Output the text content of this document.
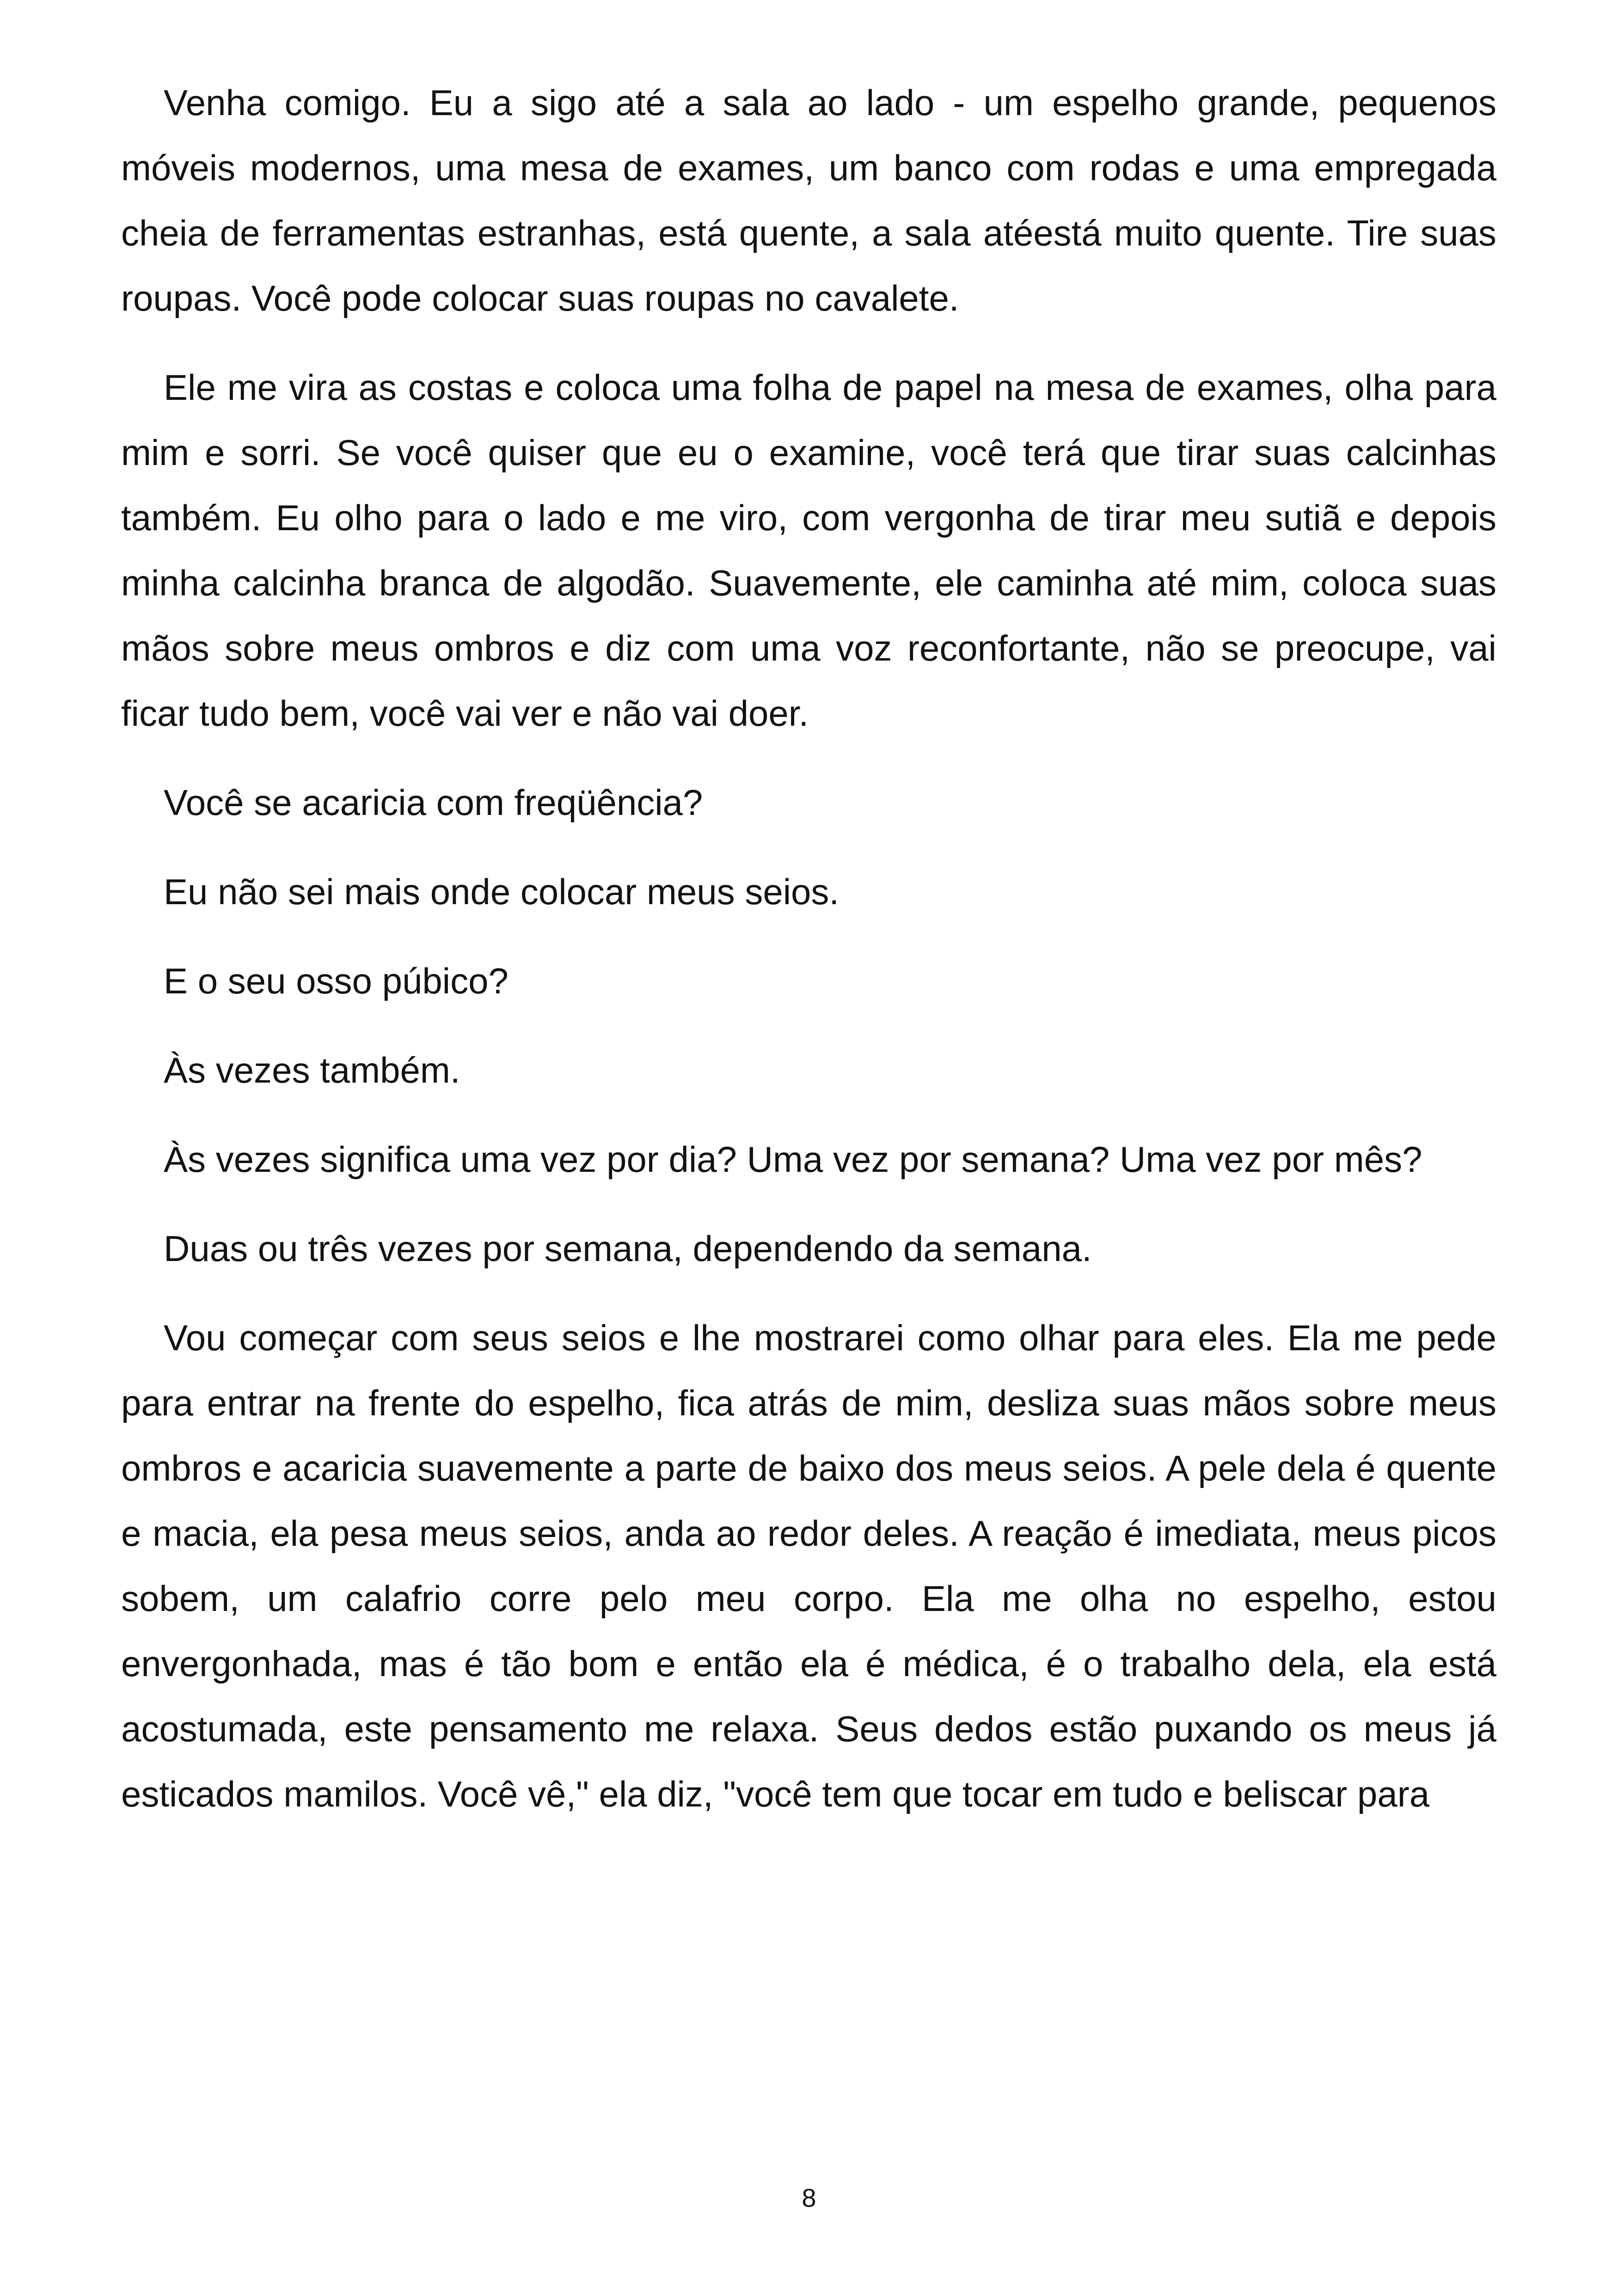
Venha comigo. Eu a sigo até a sala ao lado - um espelho grande, pequenos móveis modernos, uma mesa de exames, um banco com rodas e uma empregada cheia de ferramentas estranhas, está quente, a sala atéestá muito quente. Tire suas roupas. Você pode colocar suas roupas no cavalete.

Ele me vira as costas e coloca uma folha de papel na mesa de exames, olha para mim e sorri. Se você quiser que eu o examine, você terá que tirar suas calcinhas também. Eu olho para o lado e me viro, com vergonha de tirar meu sutiã e depois minha calcinha branca de algodão. Suavemente, ele caminha até mim, coloca suas mãos sobre meus ombros e diz com uma voz reconfortante, não se preocupe, vai ficar tudo bem, você vai ver e não vai doer.

Você se acaricia com freqüência?

Eu não sei mais onde colocar meus seios.

E o seu osso púbico?

Às vezes também.

Às vezes significa uma vez por dia? Uma vez por semana? Uma vez por mês?

Duas ou três vezes por semana, dependendo da semana.

Vou começar com seus seios e lhe mostrarei como olhar para eles. Ela me pede para entrar na frente do espelho, fica atrás de mim, desliza suas mãos sobre meus ombros e acaricia suavemente a parte de baixo dos meus seios. A pele dela é quente e macia, ela pesa meus seios, anda ao redor deles. A reação é imediata, meus picos sobem, um calafrio corre pelo meu corpo. Ela me olha no espelho, estou envergonhada, mas é tão bom e então ela é médica, é o trabalho dela, ela está acostumada, este pensamento me relaxa. Seus dedos estão puxando os meus já esticados mamilos. Você vê," ela diz, "você tem que tocar em tudo e beliscar para

8
